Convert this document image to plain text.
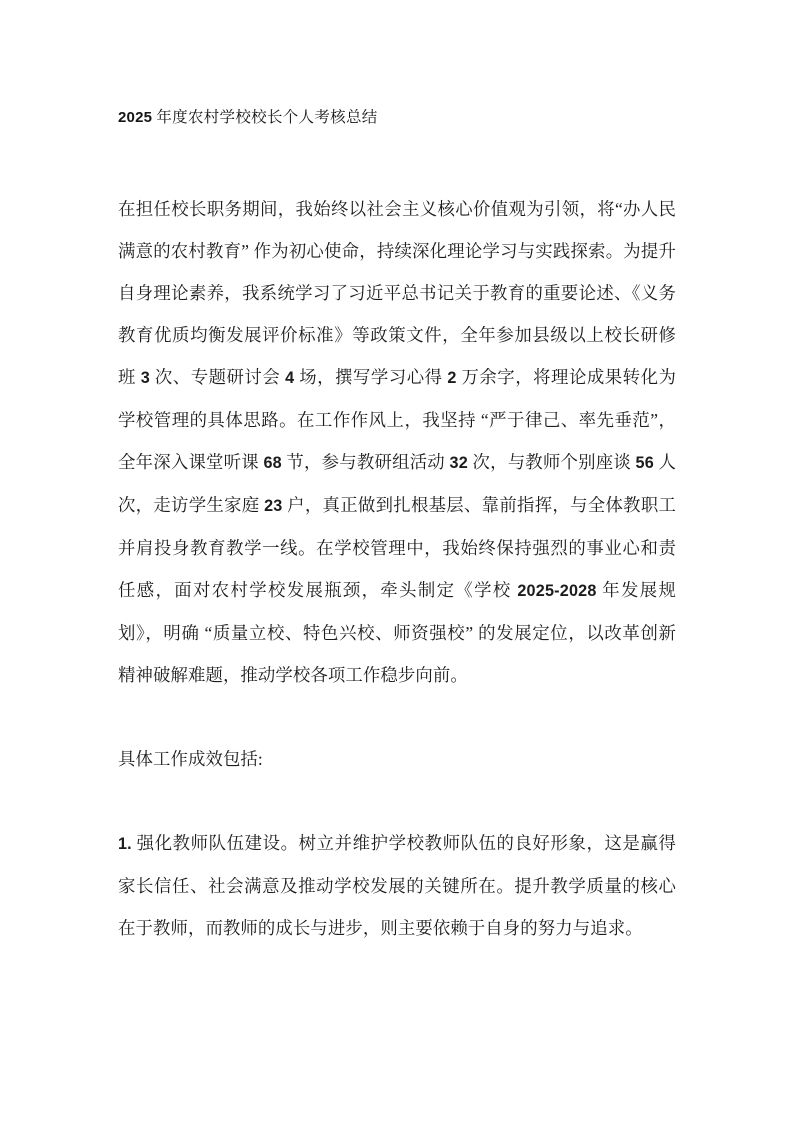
2025 年度农村学校校长个人考核总结

在担任校长职务期间，我始终以社会主义核心价值观为引领，将“办人民满意的农村教育” 作为初心使命，持续深化理论学习与实践探索。为提升自身理论素养，我系统学习了习近平总书记关于教育的重要论述、《义务教育优质均衡发展评价标准》等政策文件，全年参加县级以上校长研修班 3 次、专题研讨会 4 场，撰写学习心得 2 万余字，将理论成果转化为学校管理的具体思路。在工作作风上，我坚持 “严于律己、率先垂范”，全年深入课堂听课 68 节，参与教研组活动 32 次，与教师个别座谈 56 人次，走访学生家庭 23 户，真正做到扎根基层、靠前指挥，与全体教职工并肩投身教育教学一线。在学校管理中，我始终保持强烈的事业心和责任感，面对农村学校发展瓶颈，牵头制定《学校 2025-2028 年发展规划》，明确 “质量立校、特色兴校、师资强校” 的发展定位，以改革创新精神破解难题，推动学校各项工作稳步向前。

具体工作成效包括:

1. 强化教师队伍建设。树立并维护学校教师队伍的良好形象，这是赢得家长信任、社会满意及推动学校发展的关键所在。提升教学质量的核心在于教师，而教师的成长与进步，则主要依赖于自身的努力与追求。
